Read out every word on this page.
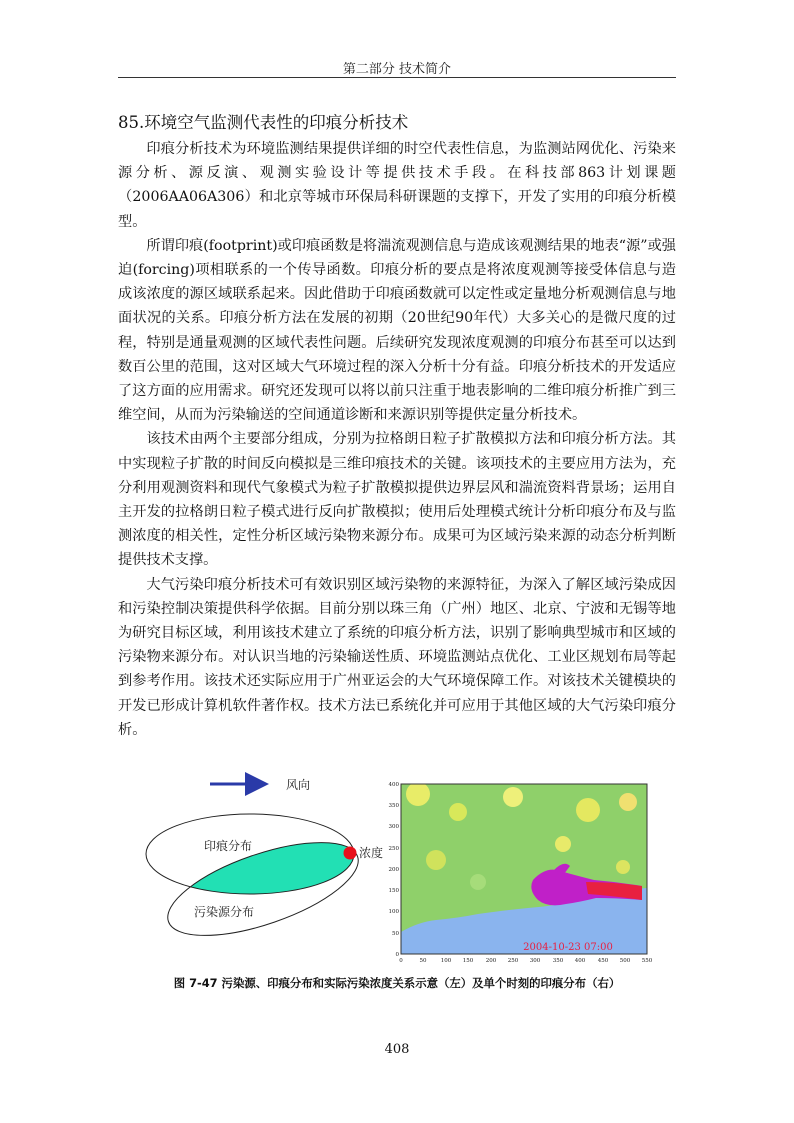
第二部分 技术简介
85.环境空气监测代表性的印痕分析技术

印痕分析技术为环境监测结果提供详细的时空代表性信息，为监测站网优化、污染来源分析、源反演、观测实验设计等提供技术手段。在科技部863计划课题（2006AA06A306）和北京等城市环保局科研课题的支撑下，开发了实用的印痕分析模型。

所谓印痕(footprint)或印痕函数是将湍流观测信息与造成该观测结果的地表“源”或强迫(forcing)项相联系的一个传导函数。印痕分析的要点是将浓度观测等接受体信息与造成该浓度的源区域联系起来。因此借助于印痕函数就可以定性或定量地分析观测信息与地面状况的关系。印痕分析方法在发展的初期（20世纪90年代）大多关心的是微尺度的过程，特别是通量观测的区域代表性问题。后续研究发现浓度观测的印痕分布甚至可以达到数百公里的范围，这对区域大气环境过程的深入分析十分有益。印痕分析技术的开发适应了这方面的应用需求。研究还发现可以将以前只注重于地表影响的二维印痕分析推广到三维空间，从而为污染输送的空间通道诊断和来源识别等提供定量分析技术。

该技术由两个主要部分组成，分别为拉格朗日粒子扩散模拟方法和印痕分析方法。其中实现粒子扩散的时间反向模拟是三维印痕技术的关键。该项技术的主要应用方法为，充分利用观测资料和现代气象模式为粒子扩散模拟提供边界层风和湍流资料背景场；运用自主开发的拉格朗日粒子模式进行反向扩散模拟；使用后处理模式统计分析印痕分布及与监测浓度的相关性，定性分析区域污染物来源分布。成果可为区域污染来源的动态分析判断提供技术支撑。

大气污染印痕分析技术可有效识别区域污染物的来源特征，为深入了解区域污染成因和污染控制决策提供科学依据。目前分别以珠三角（广州）地区、北京、宁波和无锡等地为研究目标区域，利用该技术建立了系统的印痕分析方法，识别了影响典型城市和区域的污染物来源分布。对认识当地的污染输送性质、环境监测站点优化、工业区规划布局等起到参考作用。该技术还实际应用于广州亚运会的大气环境保障工作。对该技术关键模块的开发已形成计算机软件著作权。技术方法已系统化并可应用于其他区域的大气污染印痕分析。

风向
印痕分布
污染源分布
浓度
400
350
300
250
200
150
100
50
0
0	50	100 150 200 250 300 350 400 450 500 550
2004-10-23 07:00
图 7-47 污染源、印痕分布和实际污染浓度关系示意（左）及单个时刻的印痕分布（右）
408
